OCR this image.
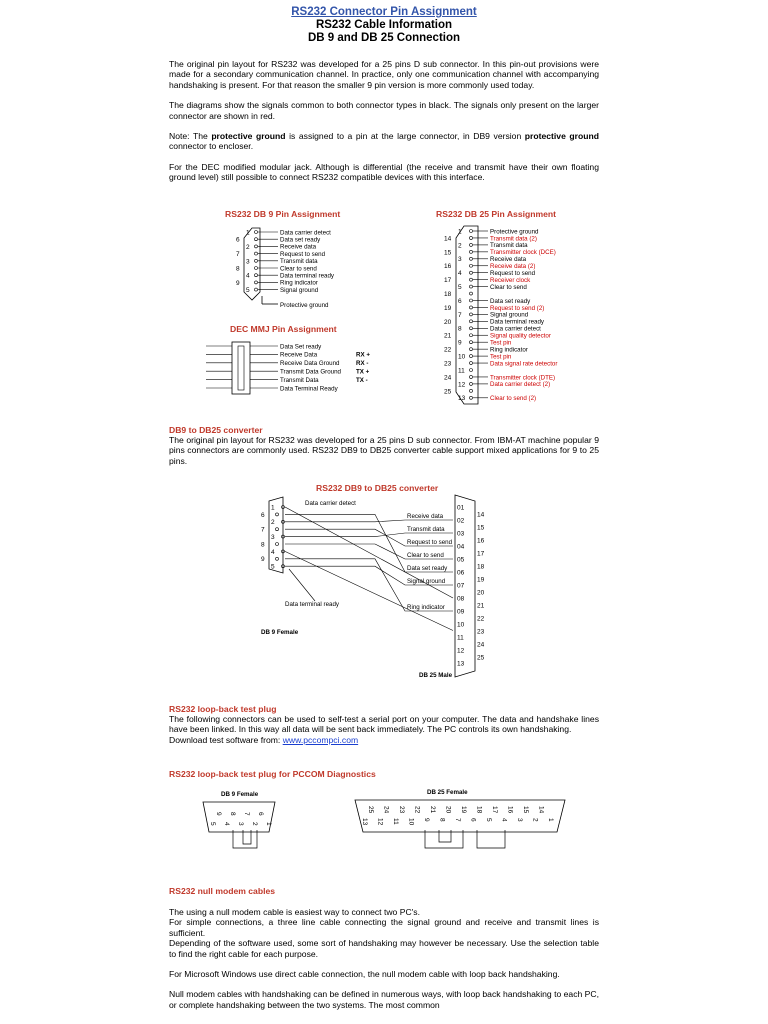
RS232 Connector Pin Assignment
RS232 Cable Information
DB 9 and DB 25 Connection

The original pin layout for RS232 was developed for a 25 pins D sub connector. In this pin-out provisions were made for a secondary communication channel. In practice, only one communication channel with accompanying handshaking is present. For that reason the smaller 9 pin version is more commonly used today.

The diagrams show the signals common to both connector types in black. The signals only present on the larger connector are shown in red.

Note: The protective ground is assigned to a pin at the large connector, in DB9 version protective ground connector to encloser.

For the DEC modified modular jack. Although is differential (the receive and transmit have their own floating ground level) still possible to connect RS232 compatible devices with this interface.

RS232 DB 9 Pin Assignment
Protective ground
1	Data carrier detect
6	Data set ready
2	Receive data
7	Request to send
3	Transmit data
8	Clear to send
4	Data terminal ready
9	Ring indicator
5	Signal ground
DEC MMJ Pin Assignment
Data Set ready
Receive Data	RX +
Receive Data Ground	RX -
Transmit Data Ground TX +
Transmit Data	TX -
Data Terminal Ready
RS232 DB 25 Pin Assignment
1	Protective ground
14	Transmit data (2)
2	Transmit data
15	Transmitter clock (DCE)
3	Receive data
16	Receive data (2)
4	Request to send
17	Receiver clock
5	Clear to send
18
6	Data set ready
19	Request to send (2)
7	Signal ground
20	Data terminal ready
8	Data carrier detect
21	Signal quality detector
9	Test pin
22	Ring indicator
10	Test pin
23	Data signal rate detector
11
24	Transmitter clock (DTE)
12	Data carrier detect (2)
25
13	Clear to send (2)
DB9 to DB25 converter

The original pin layout for RS232 was developed for a 25 pins D sub connector. From IBM-AT machine popular 9 pins connectors are commonly used. RS232 DB9 to DB25 converter cable support mixed applications for 9 to 25 pins.

RS232 DB9 to DB25 converter
1
6
2
7
3
8
4
9
5
01
02
03
04
05
06
07
08
09
10
11
12
13
14
15
16
17
18
19
20
21
22
23
24
25
Receive data
Transmit data
Request to send
Clear to send
Data set ready
Signal ground
Ring indicator
Data carrier detect
Data terminal ready
DB 9 Female
DB 25 Male
RS232 loop-back test plug

The following connectors can be used to self-test a serial port on your computer. The data and handshake lines have been linked. In this way all data will be sent back immediately. The PC controls its own handshaking.

Download test software from: www.pccompci.com

RS232 loop-back test plug for PCCOM Diagnostics
DB 9 Female	DB 25 Female
9 8 7 6
5 4 3 2 1
25 24 23 22 21 20 19 18 17 16 15 14
13 12 11 10 9 8 7 6 5 4 3 2 1
RS232 null modem cables

The using a null modem cable is easiest way to connect two PC's.

For simple connections, a three line cable connecting the signal ground and receive and transmit lines is sufficient.

Depending of the software used, some sort of handshaking may however be necessary. Use the selection table to find the right cable for each purpose.

For Microsoft Windows use direct cable connection, the null modem cable with loop back handshaking.

Null modem cables with handshaking can be defined in numerous ways, with loop back handshaking to each PC, or complete handshaking between the two systems. The most common
